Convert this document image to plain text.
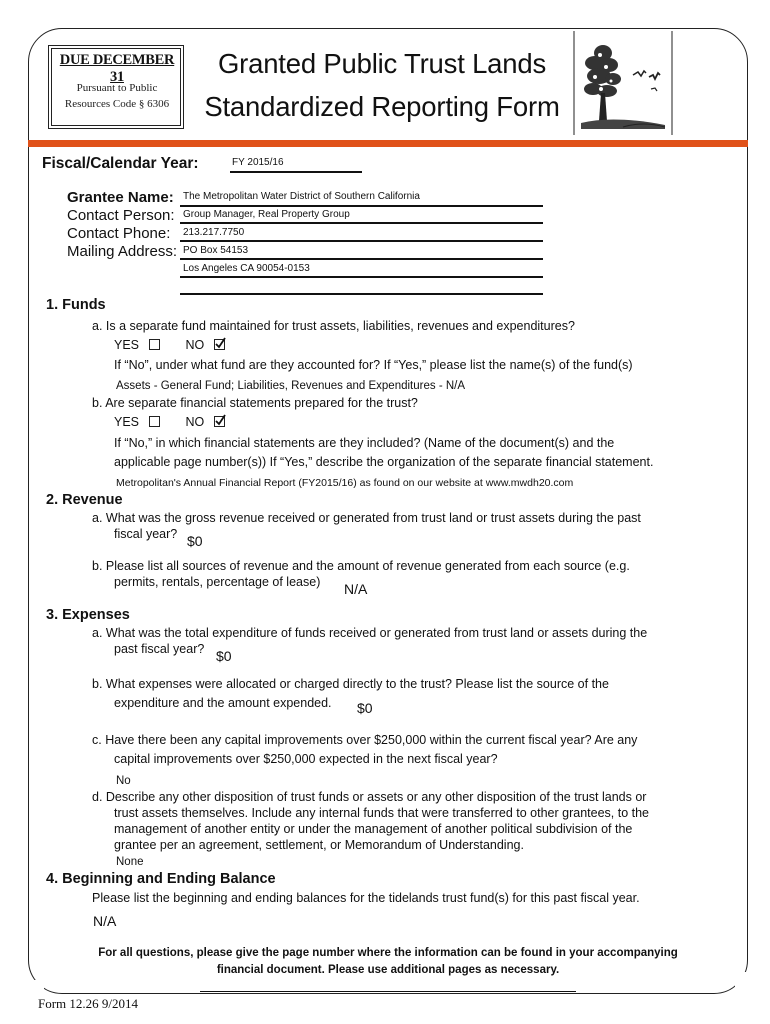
DUE DECEMBER 31
Pursuant to Public
Resources Code § 6306
Granted Public Trust Lands
Standardized Reporting Form
Fiscal/Calendar Year:	FY 2015/16
Grantee Name: The Metropolitan Water District of Southern California
Contact Person: Group Manager, Real Property Group
Contact Phone: 213.217.7750
Mailing Address: PO Box 54153
Los Angeles CA 90054-0153
1. Funds
a. Is a separate fund maintained for trust assets, liabilities, revenues and expenditures?
YES	NO
If “No”, under what fund are they accounted for? If “Yes,” please list the name(s) of the fund(s)
Assets - General Fund; Liabilities, Revenues and Expenditures - N/A
b. Are separate financial statements prepared for the trust?
YES	NO
If “No,” in which financial statements are they included? (Name of the document(s) and the
applicable page number(s)) If “Yes,” describe the organization of the separate financial statement.
Metropolitan's Annual Financial Report (FY2015/16) as found on our website at www.mwdh20.com
2. Revenue
a. What was the gross revenue received or generated from trust land or trust assets during the past
fiscal year? $0
b. Please list all sources of revenue and the amount of revenue generated from each source (e.g.
permits, rentals, percentage of lease) N/A
3. Expenses
a. What was the total expenditure of funds received or generated from trust land or assets during the
past fiscal year? $0
b. What expenses were allocated or charged directly to the trust? Please list the source of the
expenditure and the amount expended. $0
c. Have there been any capital improvements over $250,000 within the current fiscal year? Are any
capital improvements over $250,000 expected in the next fiscal year?
No
d. Describe any other disposition of trust funds or assets or any other disposition of the trust lands or
trust assets themselves. Include any internal funds that were transferred to other grantees, to the
management of another entity or under the management of another political subdivision of the
grantee per an agreement, settlement, or Memorandum of Understanding.
None
4. Beginning and Ending Balance
Please list the beginning and ending balances for the tidelands trust fund(s) for this past fiscal year.
N/A
For all questions, please give the page number where the information can be found in your accompanying
financial document. Please use additional pages as necessary.
Form 12.26 9/2014
